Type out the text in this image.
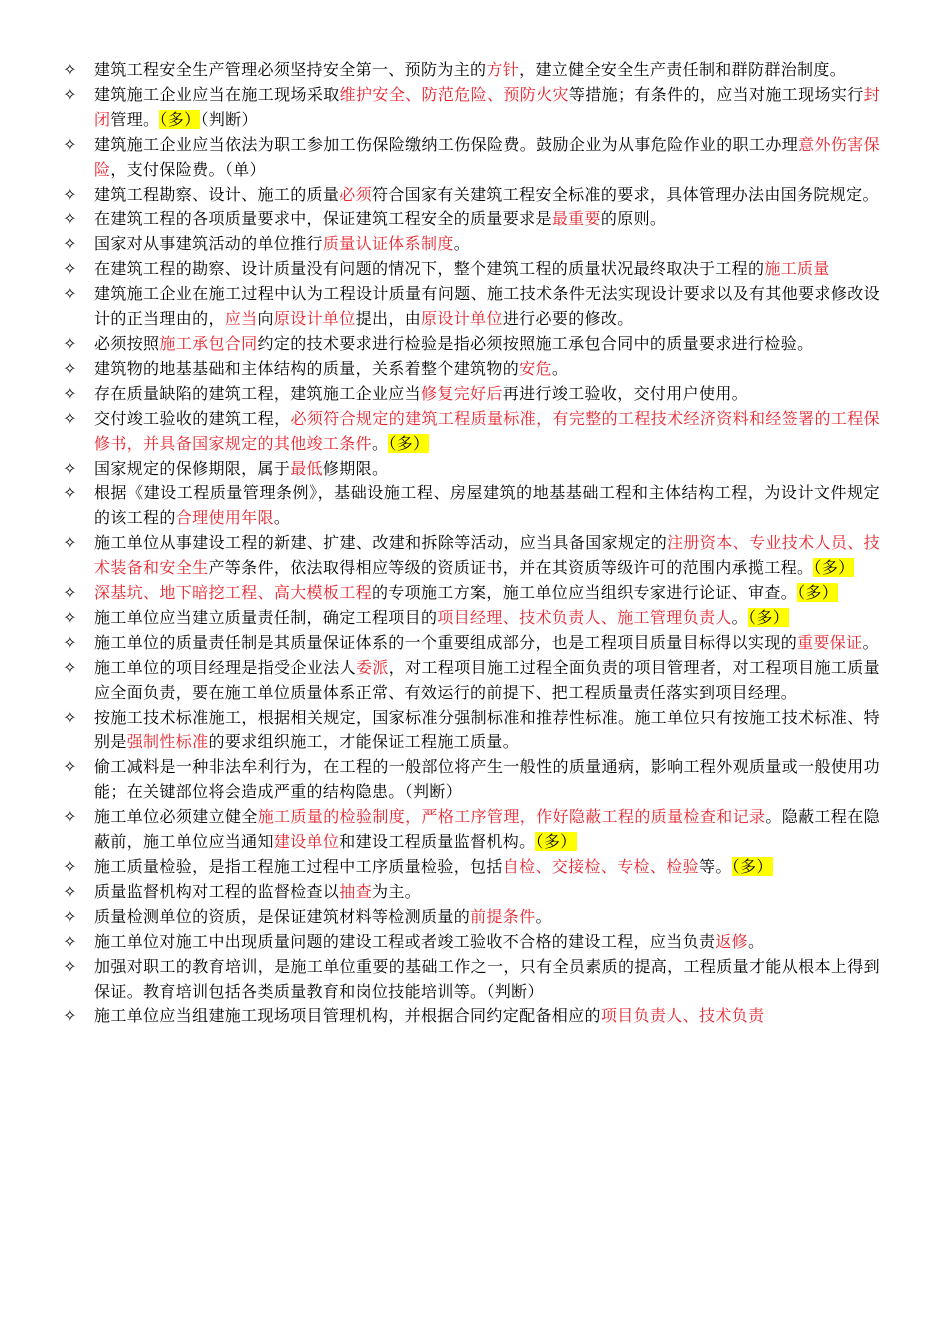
✧ 建筑工程安全生产管理必须坚持安全第一、预防为主的方针，建立健全安全生产责任制和群防群治制度。
✧ 建筑施工企业应当在施工现场采取维护安全、防范危险、预防火灾等措施；有条件的，应当对施工现场实行封闭管理。（多）（判断）
✧ 建筑施工企业应当依法为职工参加工伤保险缴纳工伤保险费。鼓励企业为从事危险作业的职工办理意外伤害保险，支付保险费。（单）
✧ 建筑工程勘察、设计、施工的质量必须符合国家有关建筑工程安全标准的要求，具体管理办法由国务院规定。
✧ 在建筑工程的各项质量要求中，保证建筑工程安全的质量要求是最重要的原则。
✧ 国家对从事建筑活动的单位推行质量认证体系制度。
✧ 在建筑工程的勘察、设计质量没有问题的情况下，整个建筑工程的质量状况最终取决于工程的施工质量
✧ 建筑施工企业在施工过程中认为工程设计质量有问题、施工技术条件无法实现设计要求以及有其他要求修改设计的正当理由的，应当向原设计单位提出，由原设计单位进行必要的修改。
✧ 必须按照施工承包合同约定的技术要求进行检验是指必须按照施工承包合同中的质量要求进行检验。
✧ 建筑物的地基基础和主体结构的质量，关系着整个建筑物的安危。
✧ 存在质量缺陷的建筑工程，建筑施工企业应当修复完好后再进行竣工验收，交付用户使用。
✧ 交付竣工验收的建筑工程，必须符合规定的建筑工程质量标准，有完整的工程技术经济资料和经签署的工程保修书，并具备国家规定的其他竣工条件。（多）
✧ 国家规定的保修期限，属于最低修期限。
✧ 根据《建设工程质量管理条例》，基础设施工程、房屋建筑的地基基础工程和主体结构工程，为设计文件规定的该工程的合理使用年限。
✧ 施工单位从事建设工程的新建、扩建、改建和拆除等活动，应当具备国家规定的注册资本、专业技术人员、技术装备和安全生产等条件，依法取得相应等级的资质证书，并在其资质等级许可的范围内承揽工程。（多）
✧ 深基坑、地下暗挖工程、高大模板工程的专项施工方案，施工单位应当组织专家进行论证、审查。（多）
✧ 施工单位应当建立质量责任制，确定工程项目的项目经理、技术负责人、施工管理负责人。（多）
✧ 施工单位的质量责任制是其质量保证体系的一个重要组成部分，也是工程项目质量目标得以实现的重要保证。
✧ 施工单位的项目经理是指受企业法人委派，对工程项目施工过程全面负责的项目管理者，对工程项目施工质量应全面负责，要在施工单位质量体系正常、有效运行的前提下、把工程质量责任落实到项目经理。
✧ 按施工技术标准施工，根据相关规定，国家标准分强制标准和推荐性标准。施工单位只有按施工技术标准、特别是强制性标准的要求组织施工，才能保证工程施工质量。
✧ 偷工减料是一种非法牟利行为，在工程的一般部位将产生一般性的质量通病，影响工程外观质量或一般使用功能；在关键部位将会造成严重的结构隐患。（判断）
✧ 施工单位必须建立健全施工质量的检验制度，严格工序管理，作好隐蔽工程的质量检查和记录。隐蔽工程在隐蔽前，施工单位应当通知建设单位和建设工程质量监督机构。（多）
✧ 施工质量检验，是指工程施工过程中工序质量检验，包括自检、交接检、专检、检验等。（多）
✧ 质量监督机构对工程的监督检查以抽查为主。
✧ 质量检测单位的资质，是保证建筑材料等检测质量的前提条件。
✧ 施工单位对施工中出现质量问题的建设工程或者竣工验收不合格的建设工程，应当负责返修。
✧ 加强对职工的教育培训，是施工单位重要的基础工作之一，只有全员素质的提高，工程质量才能从根本上得到保证。教育培训包括各类质量教育和岗位技能培训等。（判断）
✧ 施工单位应当组建施工现场项目管理机构，并根据合同约定配备相应的项目负责人、技术负责
